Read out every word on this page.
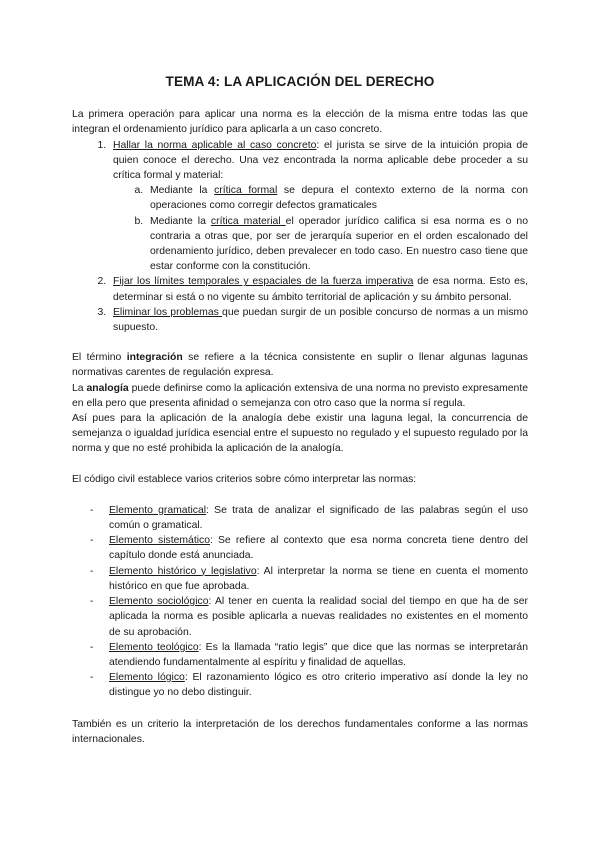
TEMA 4: LA APLICACIÓN DEL DERECHO

La primera operación para aplicar una norma es la elección de la misma entre todas las que integran el ordenamiento jurídico para aplicarla a un caso concreto.

1. Hallar la norma aplicable al caso concreto: el jurista se sirve de la intuición propia de quien conoce el derecho. Una vez encontrada la norma aplicable debe proceder a su crítica formal y material:
a. Mediante la crítica formal se depura el contexto externo de la norma con operaciones como corregir defectos gramaticales
b. Mediante la crítica material el operador jurídico califica si esa norma es o no contraria a otras que, por ser de jerarquía superior en el orden escalonado del ordenamiento jurídico, deben prevalecer en todo caso. En nuestro caso tiene que estar conforme con la constitución.
2. Fijar los límites temporales y espaciales de la fuerza imperativa de esa norma. Esto es, determinar si está o no vigente su ámbito territorial de aplicación y su ámbito personal.
3. Eliminar los problemas que puedan surgir de un posible concurso de normas a un mismo supuesto.

El término integración se refiere a la técnica consistente en suplir o llenar algunas lagunas normativas carentes de regulación expresa.

La analogía puede definirse como la aplicación extensiva de una norma no previsto expresamente en ella pero que presenta afinidad o semejanza con otro caso que la norma sí regula.

Así pues para la aplicación de la analogía debe existir una laguna legal, la concurrencia de semejanza o igualdad jurídica esencial entre el supuesto no regulado y el supuesto regulado por la norma y que no esté prohibida la aplicación de la analogía.

El código civil establece varios criterios sobre cómo interpretar las normas:

- Elemento gramatical: Se trata de analizar el significado de las palabras según el uso común o gramatical.
- Elemento sistemático: Se refiere al contexto que esa norma concreta tiene dentro del capítulo donde está anunciada.
- Elemento histórico y legislativo: Al interpretar la norma se tiene en cuenta el momento histórico en que fue aprobada.
- Elemento sociológico: Al tener en cuenta la realidad social del tiempo en que ha de ser aplicada la norma es posible aplicarla a nuevas realidades no existentes en el momento de su aprobación.
- Elemento teológico: Es la llamada “ratio legis” que dice que las normas se interpretarán atendiendo fundamentalmente al espíritu y finalidad de aquellas.
- Elemento lógico: El razonamiento lógico es otro criterio imperativo así donde la ley no distingue yo no debo distinguir.

También es un criterio la interpretación de los derechos fundamentales conforme a las normas internacionales.
